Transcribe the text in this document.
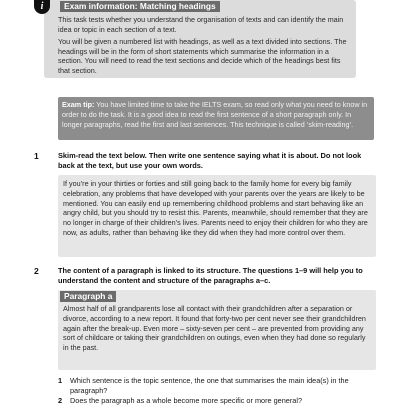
i	Exam information: Matching headings
This task tests whether you understand the organisation of texts and can identify the main idea or topic in each section of a text.
You will be given a numbered list with headings, as well as a text divided into sections. The headings will be in the form of short statements which summarise the information in a section. You will need to read the text sections and decide which of the headings best fits that section.
Exam tip: You have limited time to take the IELTS exam, so read only what you need to know in order to do the task. It is a good idea to read the first sentence of a short paragraph only. In longer paragraphs, read the first and last sentences. This technique is called ‘skim-reading’.
1	Skim-read the text below. Then write one sentence saying what it is about. Do not look back at the text, but use your own words.
If you’re in your thirties or forties and still going back to the family home for every big family celebration, any problems that have developed with your parents over the years are likely to be mentioned. You can easily end up remembering childhood problems and start behaving like an angry child, but you should try to resist this. Parents, meanwhile, should remember that they are no longer in charge of their children’s lives. Parents need to enjoy their children for who they are now, as adults, rather than behaving like they did when they had more control over them.
2	The content of a paragraph is linked to its structure. The questions 1–9 will help you to understand the content and structure of the paragraphs a–c.
Paragraph a
Almost half of all grandparents lose all contact with their grandchildren after a separation or divorce, according to a new report. It found that forty-two per cent never see their grandchildren again after the break-up. Even more – sixty-seven per cent – are prevented from providing any sort of childcare or taking their grandchildren on outings, even when they had done so regularly in the past.
1 Which sentence is the topic sentence, the one that summarises the main idea(s) in the paragraph?
2 Does the paragraph as a whole become more specific or more general?
